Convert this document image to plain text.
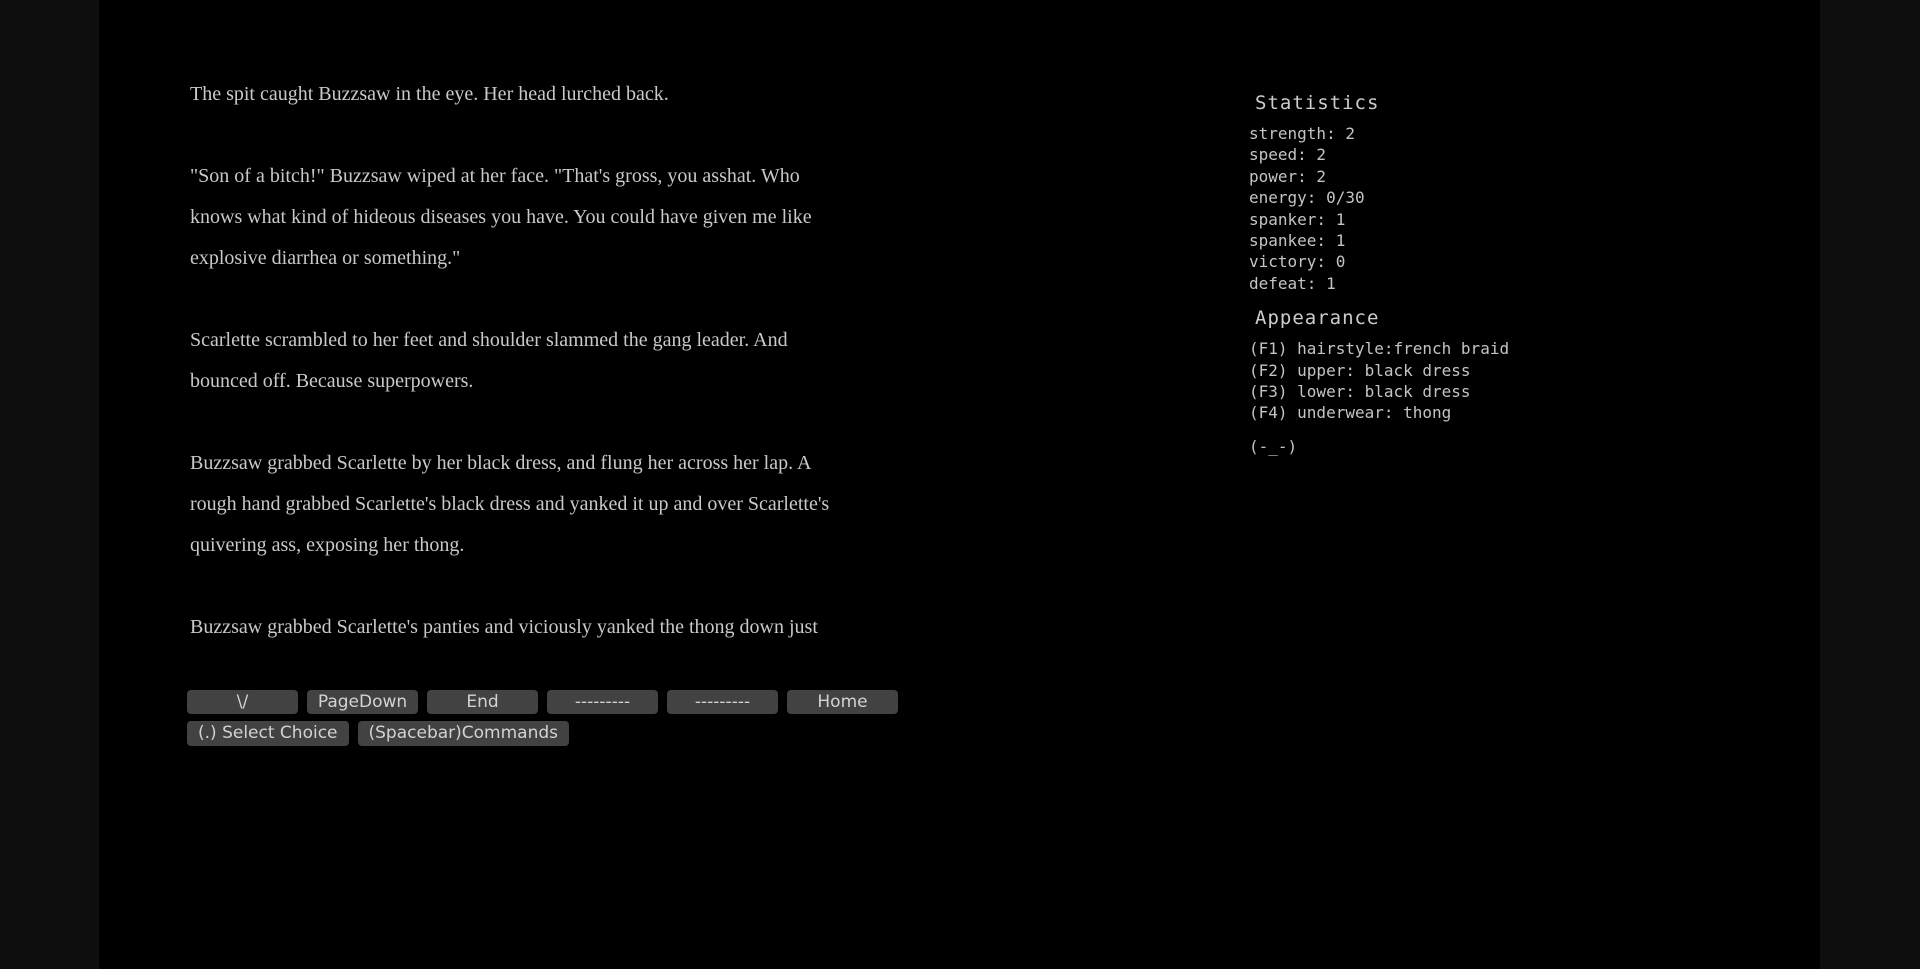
The spit caught Buzzsaw in the eye. Her head lurched back.
"Son of a bitch!" Buzzsaw wiped at her face. "That's gross, you asshat. Who
knows what kind of hideous diseases you have. You could have given me like
explosive diarrhea or something."
Scarlette scrambled to her feet and shoulder slammed the gang leader. And
bounced off. Because superpowers.
Buzzsaw grabbed Scarlette by her black dress, and flung her across her lap. A
rough hand grabbed Scarlette's black dress and yanked it up and over Scarlette's
quivering ass, exposing her thong.
Buzzsaw grabbed Scarlette's panties and viciously yanked the thong down just
\/	PageDown	End	---------	---------	Home
(.) Select Choice	(Spacebar)Commands
Statistics
strength: 2
speed: 2
power: 2
energy: 0/30
spanker: 1
spankee: 1
victory: 0
defeat: 1
Appearance
(F1) hairstyle:french braid
(F2) upper: black dress
(F3) lower: black dress
(F4) underwear: thong
(-_-)
